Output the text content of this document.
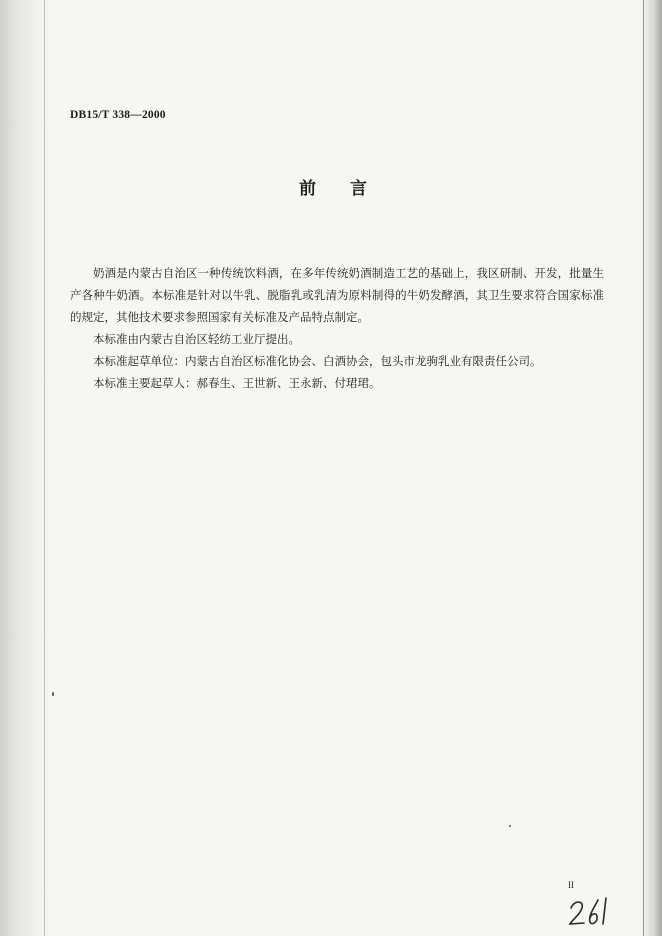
DB15/T 338—2000
前言

奶酒是内蒙古自治区一种传统饮料酒，在多年传统奶酒制造工艺的基础上，我区研制、开发，批量生产各种牛奶酒。本标准是针对以牛乳、脱脂乳或乳清为原料制得的牛奶发酵酒，其卫生要求符合国家标准的规定，其他技术要求参照国家有关标准及产品特点制定。

本标准由内蒙古自治区轻纺工业厅提出。

本标准起草单位：内蒙古自治区标准化协会、白酒协会，包头市龙驹乳业有限责任公司。

本标准主要起草人：郝春生、王世新、王永新、付珺珺。

II
